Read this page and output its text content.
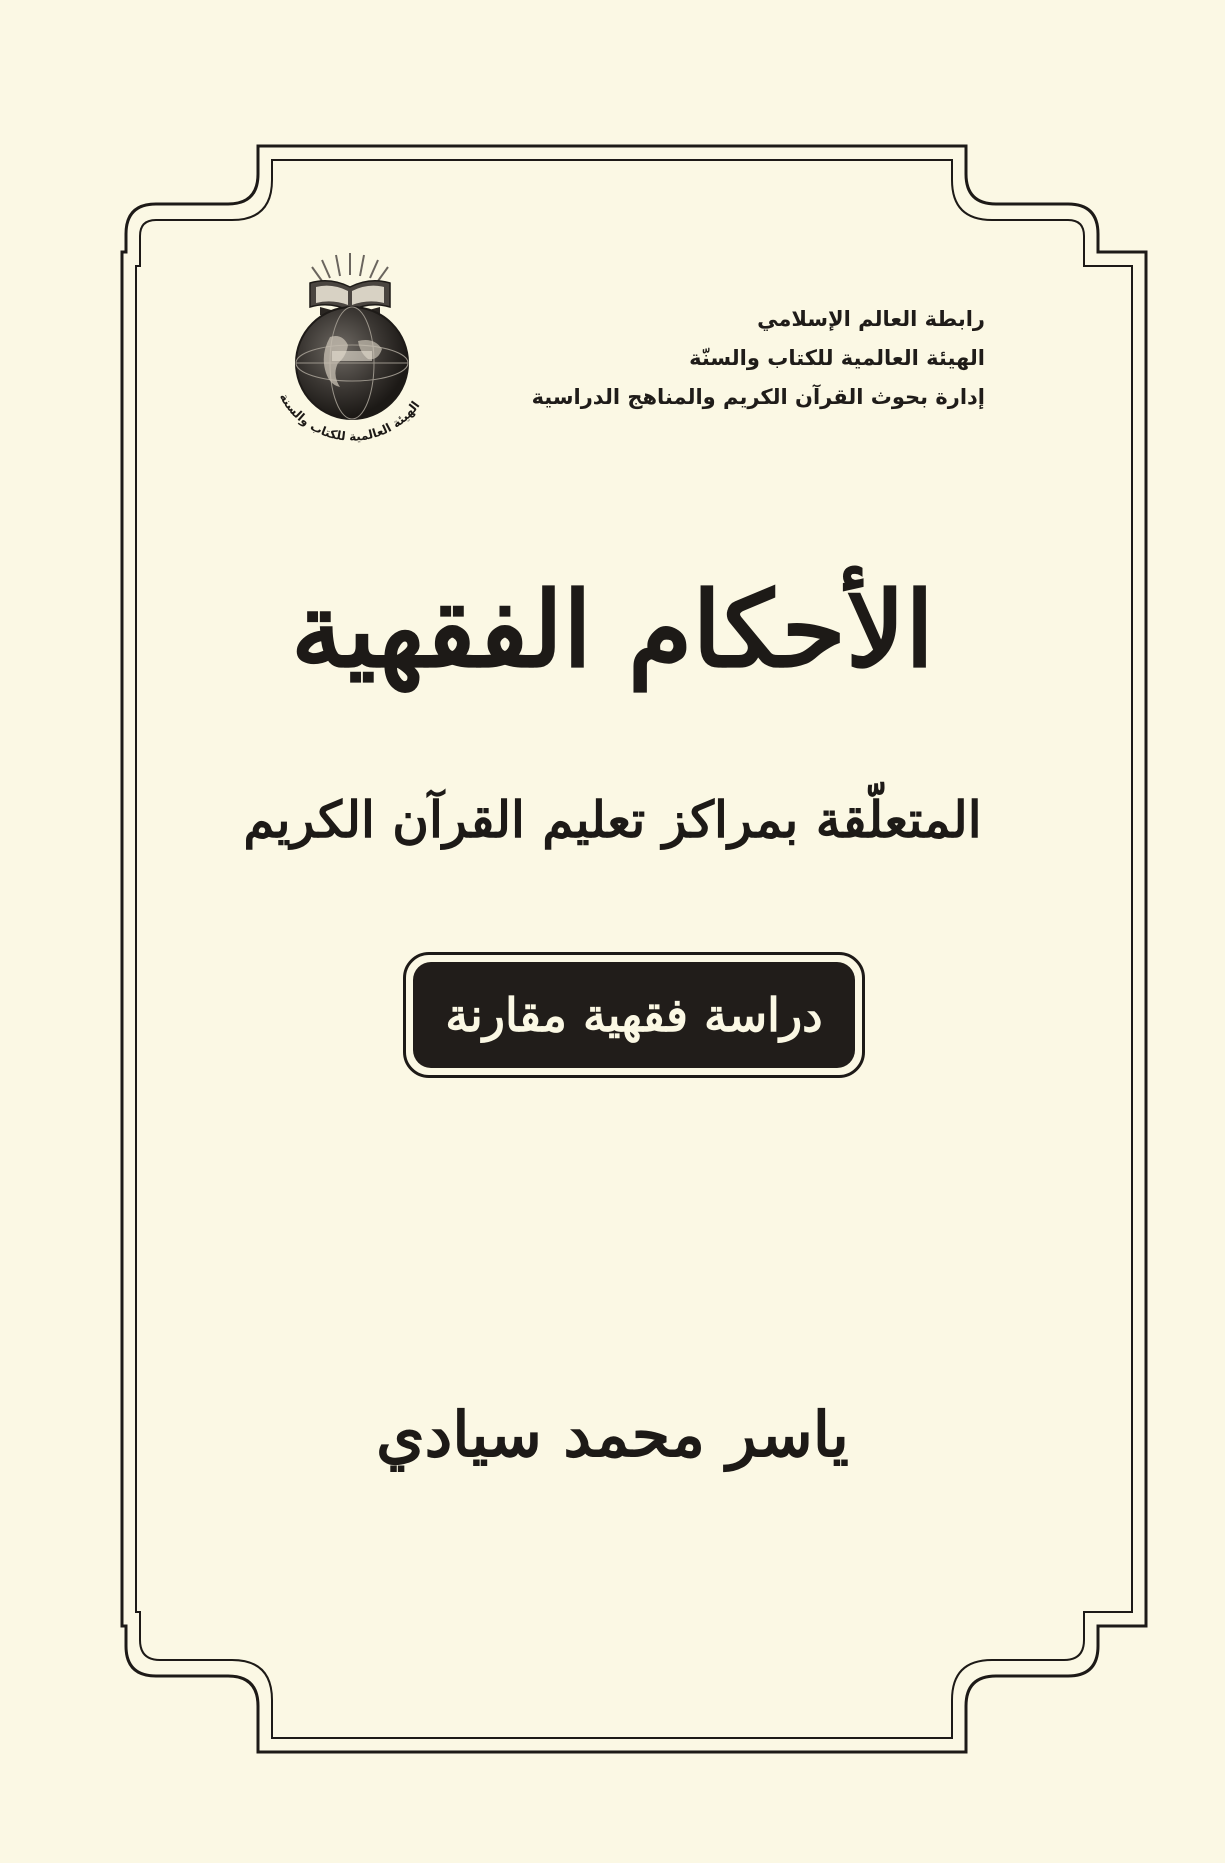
الهيئة العالمية للكتاب والسنة
رابطة العالم الإسلامي
الهيئة العالمية للكتاب والسنّة
إدارة بحوث القرآن الكريم والمناهج الدراسية
الأحكام الفقهية
المتعلّقة بمراكز تعليم القرآن الكريم
دراسة فقهية مقارنة
ياسر محمد سيادي
